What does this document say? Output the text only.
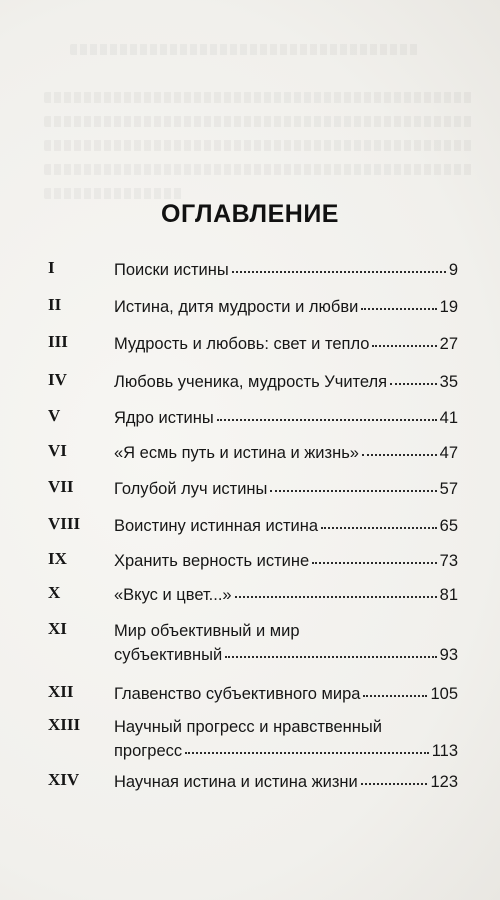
ОГЛАВЛЕНИЕ
I	Поиски истины	9
II	Истина, дитя мудрости и любви	19
III	Мудрость и любовь: свет и тепло	27
IV	Любовь ученика, мудрость Учителя	35
V	Ядро истины	41
VI	«Я есмь путь и истина и жизнь»	47
VII Голубой луч истины	57
VIII Воистину истинная истина	65
IX	Хранить верность истине	73
X	«Вкус и цвет...»	81
XI	Мир объективный и мир
субъективный	93
XII Главенство субъективного мира	105
XIII Научный прогресс и нравственный
прогресс	113
XIV Научная истина и истина жизни	123
